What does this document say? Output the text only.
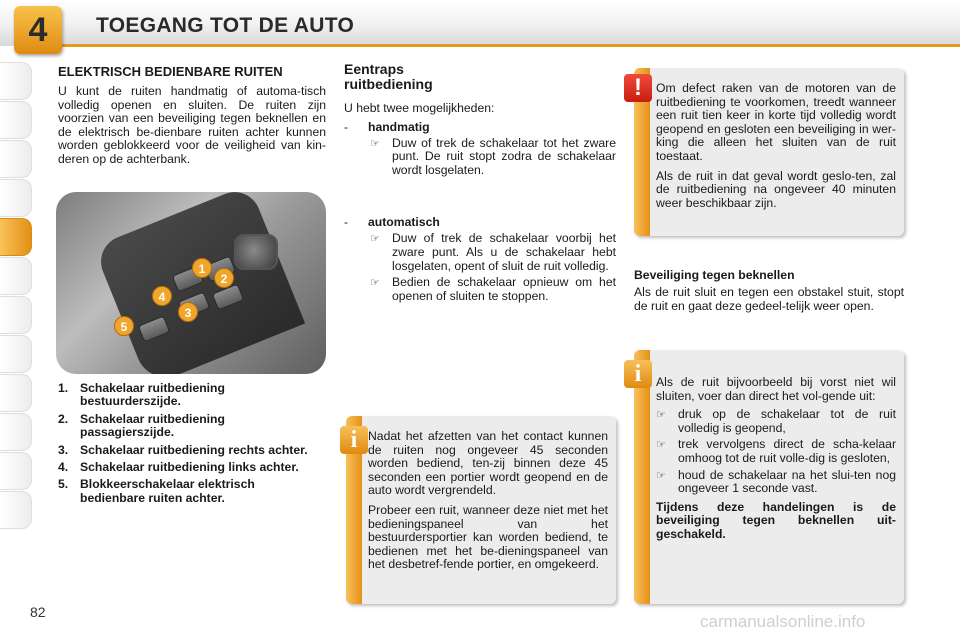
4	TOEGANG TOT DE AUTO
ELEKTRISCH BEDIENBARE RUITEN

U kunt de ruiten handmatig of automa-tisch volledig openen en sluiten. De ruiten zijn voorzien van een beveiliging tegen beknellen en de elektrisch be-dienbare ruiten achter kunnen worden geblokkeerd voor de veiligheid van kin-deren op de achterbank.

1
2
3
4
5
1. Schakelaar ruitbediening bestuurderszijde.
2. Schakelaar ruitbediening passagierszijde.
3. Schakelaar ruitbediening rechts achter.
4. Schakelaar ruitbediening links achter.
5. Blokkeerschakelaar elektrisch bedienbare ruiten achter.
Eentraps
ruitbediening

U hebt twee mogelijkheden:

-	handmatig
☞ Duw of trek de schakelaar tot het zware punt. De ruit stopt zodra de schakelaar wordt losgelaten.

-	automatisch
☞ Duw of trek de schakelaar voorbij het zware punt. Als u de schakelaar hebt losgelaten, opent of sluit de ruit volledig.

☞ Bedien de schakelaar opnieuw om het openen of sluiten te stoppen.

Nadat het afzetten van het contact kunnen de ruiten nog ongeveer 45 seconden worden bediend, ten-zij binnen deze 45 seconden een portier wordt geopend en de auto wordt vergrendeld.

Probeer een ruit, wanneer deze niet met het bedieningspaneel van het bestuurdersportier kan worden bediend, te bedienen met het be-dieningspaneel van het desbetref-fende portier, en omgekeerd.

i

Om defect raken van de motoren van de ruitbediening te voorkomen, treedt wanneer een ruit tien keer in korte tijd volledig wordt geopend en gesloten een beveiliging in wer-king die alleen het sluiten van de ruit toestaat.

Als de ruit in dat geval wordt geslo-ten, zal de ruitbediening na ongeveer 40 minuten weer beschikbaar zijn.

!
Beveiliging tegen beknellen

Als de ruit sluit en tegen een obstakel stuit, stopt de ruit en gaat deze gedeel-telijk weer open.

Als de ruit bijvoorbeeld bij vorst niet wil sluiten, voer dan direct het vol-gende uit:

☞ druk op de schakelaar tot de ruit volledig is geopend,

☞ trek vervolgens direct de scha-kelaar omhoog tot de ruit volle-dig is gesloten,

☞ houd de schakelaar na het slui-ten nog ongeveer 1 seconde vast.

Tijdens deze handelingen is de beveiliging tegen beknellen uit-geschakeld.

i
82	carmanualsonline.info
